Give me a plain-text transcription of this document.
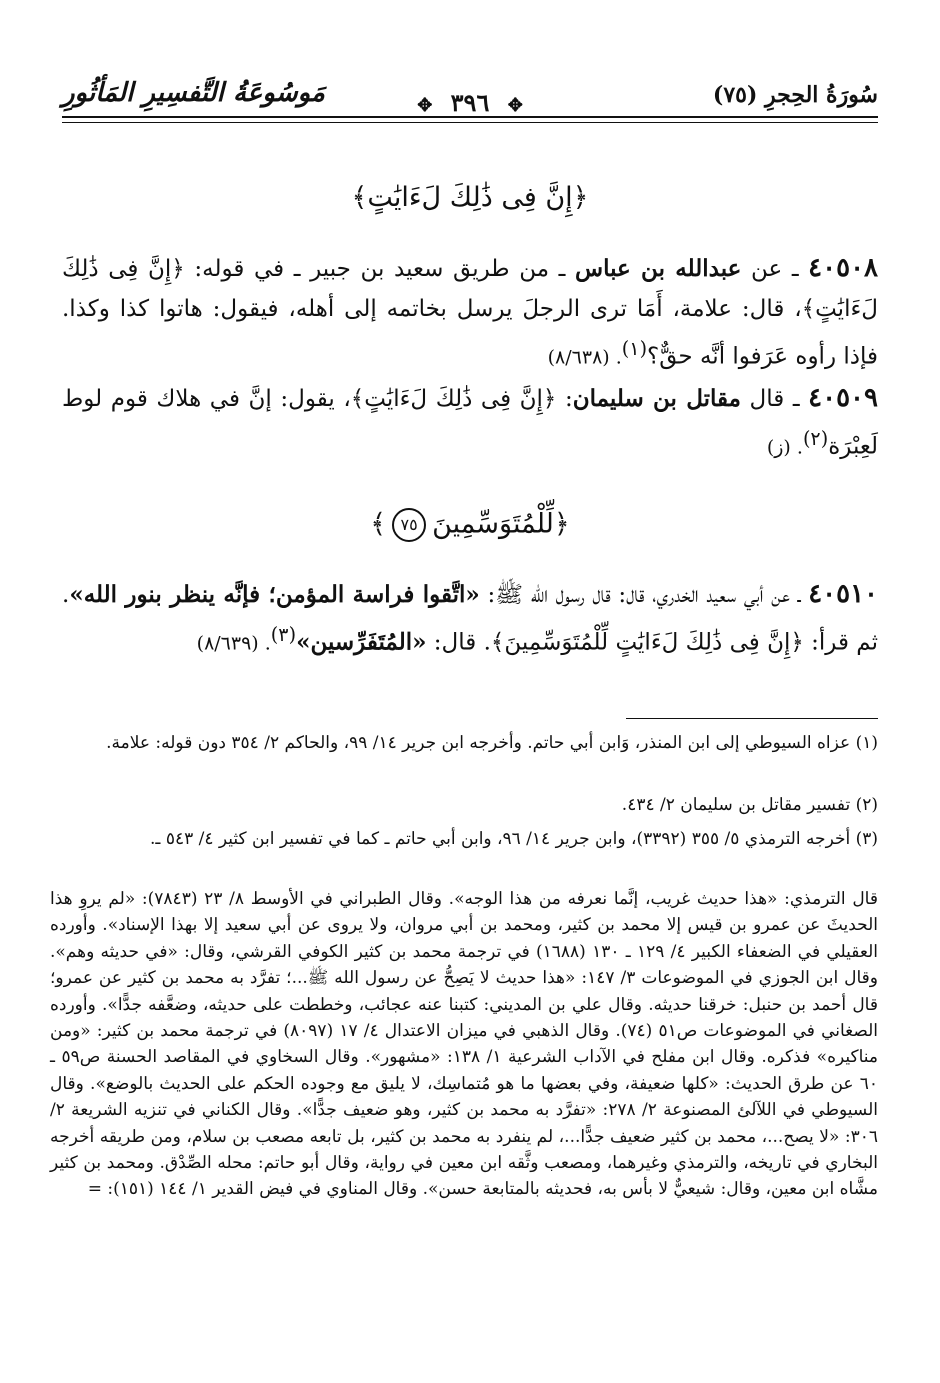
سُورَةُ الحِجرِ (٧٥)
مَوسُوعَةُ التَّفسِيرِ المَأثُورِ	✥ ٣٩٦ ✥
﴿إِنَّ فِى ذَٰلِكَ لَءَايَٰتٍ﴾
٤٠٥٠٨ ـ عن عبدالله بن عباس ـ من طريق سعيد بن جبير ـ في قوله: ﴿إِنَّ فِى ذَٰلِكَ لَءَايَٰتٍ﴾، قال: علامة، أَمَا ترى الرجلَ يرسل بخاتمه إلى أهله، فيقول: هاتوا كذا وكذا. فإذا رأوه عَرَفوا أنَّه حقٌّ؟$^{(١)}$. (٨/٦٣٨)
٤٠٥٠٩ ـ قال مقاتل بن سليمان: ﴿إِنَّ فِى ذَٰلِكَ لَءَايَٰتٍ﴾، يقول: إنَّ في هلاك قوم لوط لَعِبْرَة$^{(٢)}$. (ز)
﴿لِّلْمُتَوَسِّمِينَ٧٥﴾
٤٠٥١٠ ـ عن أبي سعيد الخدري، قال: قال رسول الله ﷺ: «اتَّقوا فراسة المؤمن؛ فإنَّه ينظر بنور الله». ثم قرأ: ﴿إِنَّ فِى ذَٰلِكَ لَءَايَٰتٍ لِّلْمُتَوَسِّمِينَ﴾. قال: «المُتَفَرِّسين»$^{(٣)}$. (٨/٦٣٩)
(١) عزاه السيوطي إلى ابن المنذر، وَابن أبي حاتم. وأخرجه ابن جرير ١٤/ ٩٩، والحاكم ٢/ ٣٥٤ دون قوله: علامة.
(٢) تفسير مقاتل بن سليمان ٢/ ٤٣٤.
(٣) أخرجه الترمذي ٥/ ٣٥٥ (٣٣٩٢)، وابن جرير ١٤/ ٩٦، وابن أبي حاتم ـ كما في تفسير ابن كثير ٤/ ٥٤٣ ـ.
قال الترمذي: «هذا حديث غريب، إنَّما نعرفه من هذا الوجه». وقال الطبراني في الأوسط ٨/ ٢٣ (٧٨٤٣): «لم يروِ هذا الحديثَ عن عمرو بن قيس إلا محمد بن كثير، ومحمد بن أبي مروان، ولا يروى عن أبي سعيد إلا بهذا الإسناد». وأورده العقيلي في الضعفاء الكبير ٤/ ١٢٩ ـ ١٣٠ (١٦٨٨) في ترجمة محمد بن كثير الكوفي القرشي، وقال: «في حديثه وهم». وقال ابن الجوزي في الموضوعات ٣/ ١٤٧: «هذا حديث لا يَصِحُّ عن رسول الله ﷺ...؛ تفرَّد به محمد بن كثير عن عمرو؛ قال أحمد بن حنبل: خرقنا حديثه. وقال علي بن المديني: كتبنا عنه عجائب، وخططت على حديثه، وضعَّفه جدًّا». وأورده الصغاني في الموضوعات ص٥١ (٧٤). وقال الذهبي في ميزان الاعتدال ٤/ ١٧ (٨٠٩٧) في ترجمة محمد بن كثير: «ومن مناكيره» فذكره. وقال ابن مفلح في الآداب الشرعية ١/ ١٣٨: «مشهور». وقال السخاوي في المقاصد الحسنة ص٥٩ ـ ٦٠ عن طرق الحديث: «كلها ضعيفة، وفي بعضها ما هو مُتماسِك، لا يليق مع وجوده الحكم على الحديث بالوضع». وقال السيوطي في اللآلئ المصنوعة ٢/ ٢٧٨: «تفرَّد به محمد بن كثير، وهو ضعيف جدًّا». وقال الكناني في تنزيه الشريعة ٢/ ٣٠٦: «لا يصح...، محمد بن كثير ضعيف جدًّا...، لم ينفرد به محمد بن كثير، بل تابعه مصعب بن سلام، ومن طريقه أخرجه البخاري في تاريخه، والترمذي وغيرهما، ومصعب وثَّقه ابن معين في رواية، وقال أبو حاتم: محله الصِّدْق. ومحمد بن كثير مشَّاه ابن معين، وقال: شيعيٌّ لا بأس به، فحديثه بالمتابعة حسن». وقال المناوي في فيض القدير ١/ ١٤٤ (١٥١): =
